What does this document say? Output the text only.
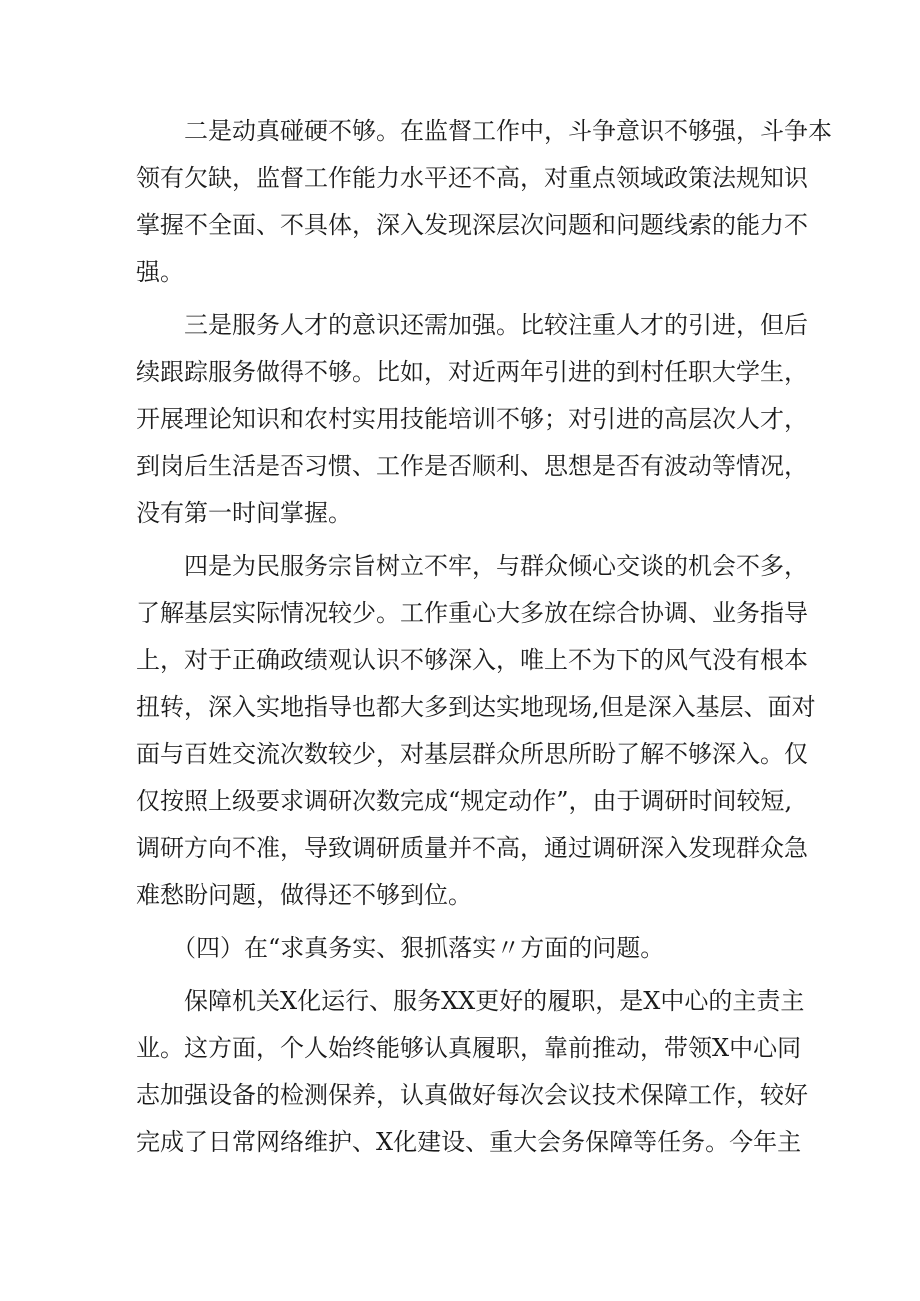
　　二是动真碰硬不够。在监督工作中，斗争意识不够强，斗争本
领有欠缺，监督工作能力水平还不高，对重点领域政策法规知识
掌握不全面、不具体，深入发现深层次问题和问题线索的能力不
强。

　　三是服务人才的意识还需加强。比较注重人才的引进，但后
续跟踪服务做得不够。比如，对近两年引进的到村任职大学生，
开展理论知识和农村实用技能培训不够；对引进的高层次人才，
到岗后生活是否习惯、工作是否顺利、思想是否有波动等情况，
没有第一时间掌握。

　　四是为民服务宗旨树立不牢，与群众倾心交谈的机会不多，
了解基层实际情况较少。工作重心大多放在综合协调、业务指导
上，对于正确政绩观认识不够深入，唯上不为下的风气没有根本
扭转，深入实地指导也都大多到达实地现场,但是深入基层、面对
面与百姓交流次数较少，对基层群众所思所盼了解不够深入。仅
仅按照上级要求调研次数完成“规定动作”，由于调研时间较短,
调研方向不准，导致调研质量并不高，通过调研深入发现群众急
难愁盼问题，做得还不够到位。

　　（四）在“求真务实、狠抓落实〃方面的问题。

　　保障机关X化运行、服务XX更好的履职，是X中心的主责主
业。这方面，个人始终能够认真履职，靠前推动，带领X中心同
志加强设备的检测保养，认真做好每次会议技术保障工作，较好
完成了日常网络维护、X化建设、重大会务保障等任务。今年主
